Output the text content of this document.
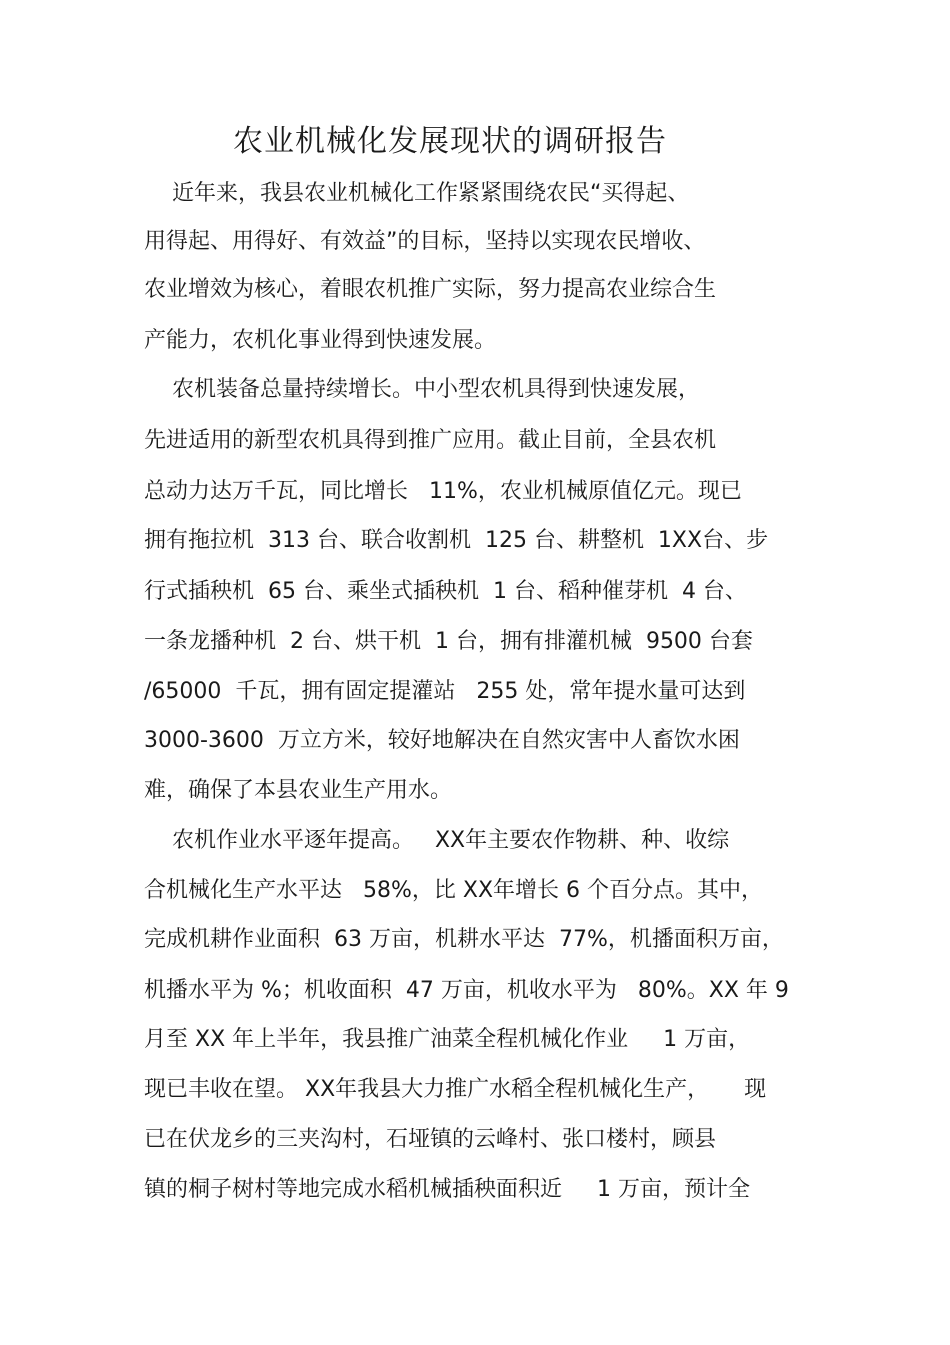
农业机械化发展现状的调研报告
近年来，我县农业机械化工作紧紧围绕农民“买得起、
用得起、用得好、有效益”的目标，坚持以实现农民增收、
农业增效为核心，着眼农机推广实际，努力提高农业综合生
产能力，农机化事业得到快速发展。
农机装备总量持续增长。中小型农机具得到快速发展，
先进适用的新型农机具得到推广应用。截止目前，全县农机
总动力达万千瓦，同比增长   11%，农业机械原值亿元。现已
拥有拖拉机  313 台、联合收割机  125 台、耕整机  1XX台、步
行式插秧机  65 台、乘坐式插秧机  1 台、稻种催芽机  4 台、
一条龙播种机  2 台、烘干机  1 台，拥有排灌机械  9500 台套
/65000  千瓦，拥有固定提灌站   255 处，常年提水量可达到
3000-3600  万立方米，较好地解决在自然灾害中人畜饮水困
难，确保了本县农业生产用水。
农机作业水平逐年提高。   XX年主要农作物耕、种、收综
合机械化生产水平达   58%，比 XX年增长 6 个百分点。其中，
完成机耕作业面积  63 万亩，机耕水平达  77%，机播面积万亩，
机播水平为 %；机收面积  47 万亩，机收水平为   80%。XX 年 9
月至 XX 年上半年，我县推广油菜全程机械化作业     1 万亩，
现已丰收在望。 XX年我县大力推广水稻全程机械化生产，     现
已在伏龙乡的三夹沟村，石垭镇的云峰村、张口楼村，顾县
镇的桐子树村等地完成水稻机械插秧面积近     1 万亩，预计全
